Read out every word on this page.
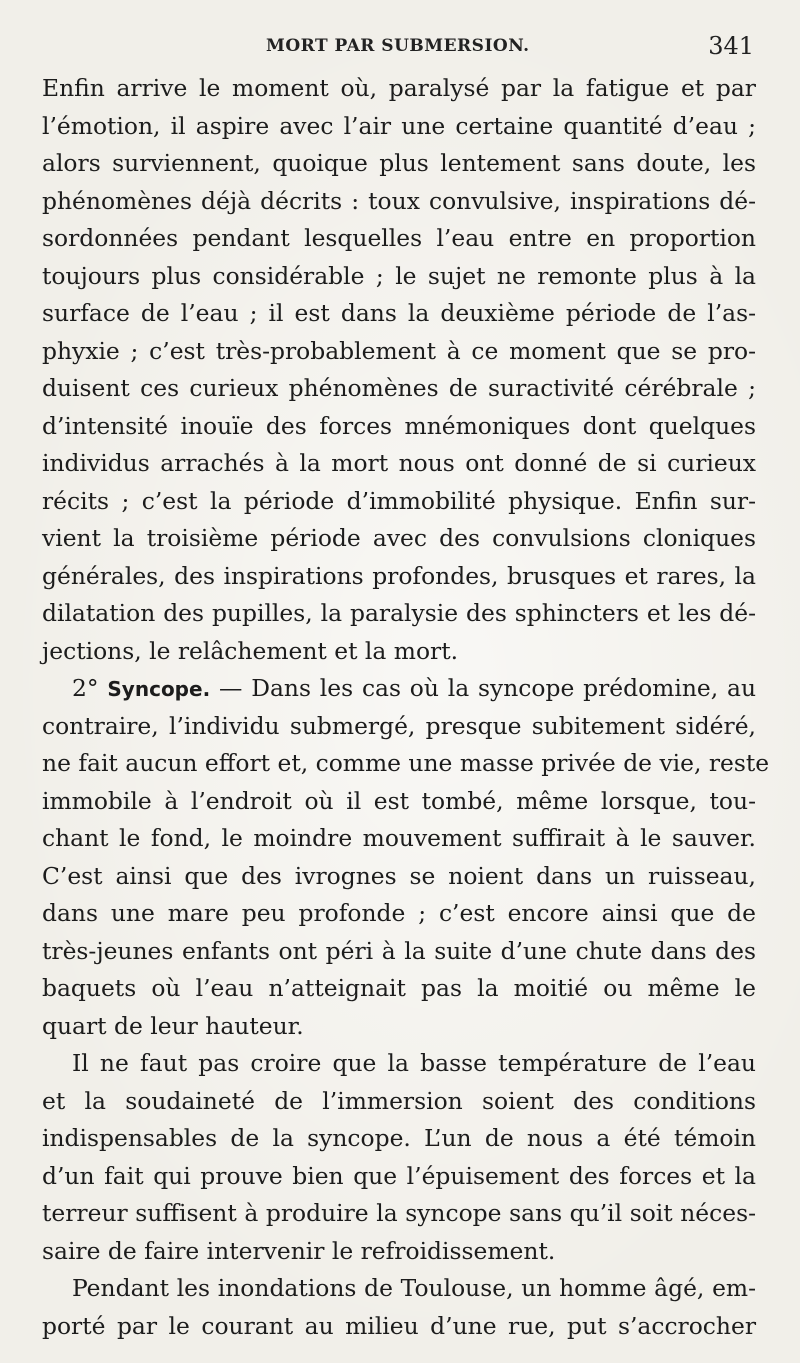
MORT PAR SUBMERSION.	341
Enfin arrive le moment où, paralysé par la fatigue et par
l’émotion, il aspire avec l’air une certaine quantité d’eau ;
alors surviennent, quoique plus lentement sans doute, les
phénomènes déjà décrits : toux convulsive, inspirations dé-
sordonnées pendant lesquelles l’eau entre en proportion
toujours plus considérable ; le sujet ne remonte plus à la
surface de l’eau ; il est dans la deuxième période de l’as-
phyxie ; c’est très-probablement à ce moment que se pro-
duisent ces curieux phénomènes de suractivité cérébrale ;
d’intensité inouïe des forces mnémoniques dont quelques
individus arrachés à la mort nous ont donné de si curieux
récits ; c’est la période d’immobilité physique. Enfin sur-
vient la troisième période avec des convulsions cloniques
générales, des inspirations profondes, brusques et rares, la
dilatation des pupilles, la paralysie des sphincters et les dé-
jections, le relâchement et la mort.
2° Syncope. — Dans les cas où la syncope prédomine, au
contraire, l’individu submergé, presque subitement sidéré,
ne fait aucun effort et, comme une masse privée de vie, reste
immobile à l’endroit où il est tombé, même lorsque, tou-
chant le fond, le moindre mouvement suffirait à le sauver.
C’est ainsi que des ivrognes se noient dans un ruisseau,
dans une mare peu profonde ; c’est encore ainsi que de
très-jeunes enfants ont péri à la suite d’une chute dans des
baquets où l’eau n’atteignait pas la moitié ou même le
quart de leur hauteur.
Il ne faut pas croire que la basse température de l’eau
et la soudaineté de l’immersion soient des conditions
indispensables de la syncope. L’un de nous a été témoin
d’un fait qui prouve bien que l’épuisement des forces et la
terreur suffisent à produire la syncope sans qu’il soit néces-
saire de faire intervenir le refroidissement.
Pendant les inondations de Toulouse, un homme âgé, em-
porté par le courant au milieu d’une rue, put s’accrocher
